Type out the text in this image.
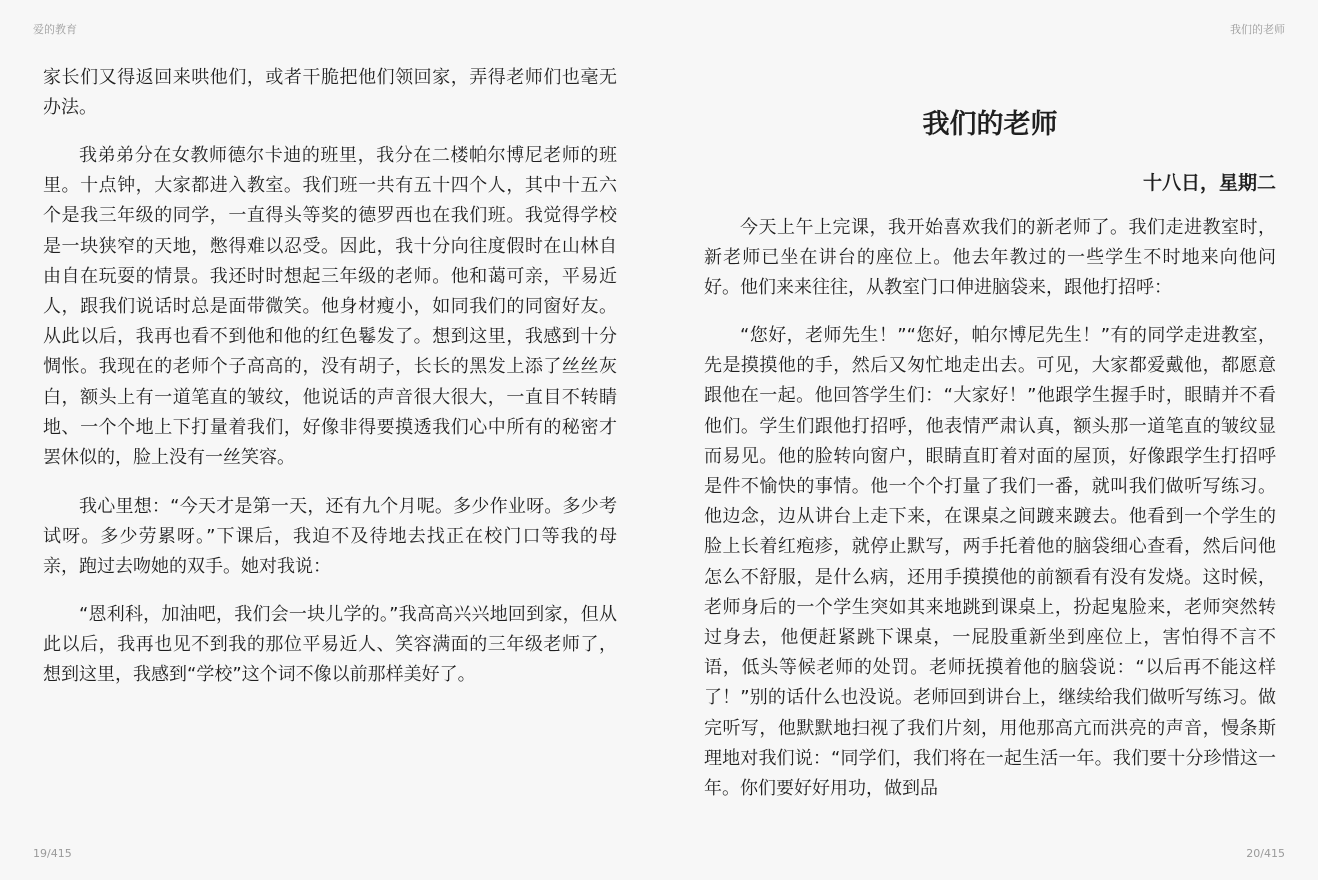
爱的教育	我们的老师

家长们又得返回来哄他们，或者干脆把他们领回家，弄得老师们也毫无办法。

我弟弟分在女教师德尔卡迪的班里，我分在二楼帕尔博尼老师的班里。十点钟，大家都进入教室。我们班一共有五十四个人，其中十五六个是我三年级的同学，一直得头等奖的德罗西也在我们班。我觉得学校是一块狭窄的天地，憋得难以忍受。因此，我十分向往度假时在山林自由自在玩耍的情景。我还时时想起三年级的老师。他和蔼可亲，平易近人，跟我们说话时总是面带微笑。他身材瘦小，如同我们的同窗好友。从此以后，我再也看不到他和他的红色鬈发了。想到这里，我感到十分惆怅。我现在的老师个子高高的，没有胡子，长长的黑发上添了丝丝灰白，额头上有一道笔直的皱纹，他说话的声音很大很大，一直目不转睛地、一个个地上下打量着我们，好像非得要摸透我们心中所有的秘密才罢休似的，脸上没有一丝笑容。

我心里想：“今天才是第一天，还有九个月呢。多少作业呀。多少考试呀。多少劳累呀。”下课后，我迫不及待地去找正在校门口等我的母亲，跑过去吻她的双手。她对我说：

“恩利科，加油吧，我们会一块儿学的。”我高高兴兴地回到家，但从此以后，我再也见不到我的那位平易近人、笑容满面的三年级老师了，想到这里，我感到“学校”这个词不像以前那样美好了。

我们的老师
十八日，星期二

今天上午上完课，我开始喜欢我们的新老师了。我们走进教室时，新老师已坐在讲台的座位上。他去年教过的一些学生不时地来向他问好。他们来来往往，从教室门口伸进脑袋来，跟他打招呼：

“您好，老师先生！”“您好，帕尔博尼先生！”有的同学走进教室，先是摸摸他的手，然后又匆忙地走出去。可见，大家都爱戴他，都愿意跟他在一起。他回答学生们：“大家好！”他跟学生握手时，眼睛并不看他们。学生们跟他打招呼，他表情严肃认真，额头那一道笔直的皱纹显而易见。他的脸转向窗户，眼睛直盯着对面的屋顶，好像跟学生打招呼是件不愉快的事情。他一个个打量了我们一番，就叫我们做听写练习。他边念，边从讲台上走下来，在课桌之间踱来踱去。他看到一个学生的脸上长着红疱疹，就停止默写，两手托着他的脑袋细心查看，然后问他怎么不舒服，是什么病，还用手摸摸他的前额看有没有发烧。这时候，老师身后的一个学生突如其来地跳到课桌上，扮起鬼脸来，老师突然转过身去，他便赶紧跳下课桌，一屁股重新坐到座位上，害怕得不言不语，低头等候老师的处罚。老师抚摸着他的脑袋说：“以后再不能这样了！”别的话什么也没说。老师回到讲台上，继续给我们做听写练习。做完听写，他默默地扫视了我们片刻，用他那高亢而洪亮的声音，慢条斯理地对我们说：“同学们，我们将在一起生活一年。我们要十分珍惜这一年。你们要好好用功，做到品

19/415	20/415
